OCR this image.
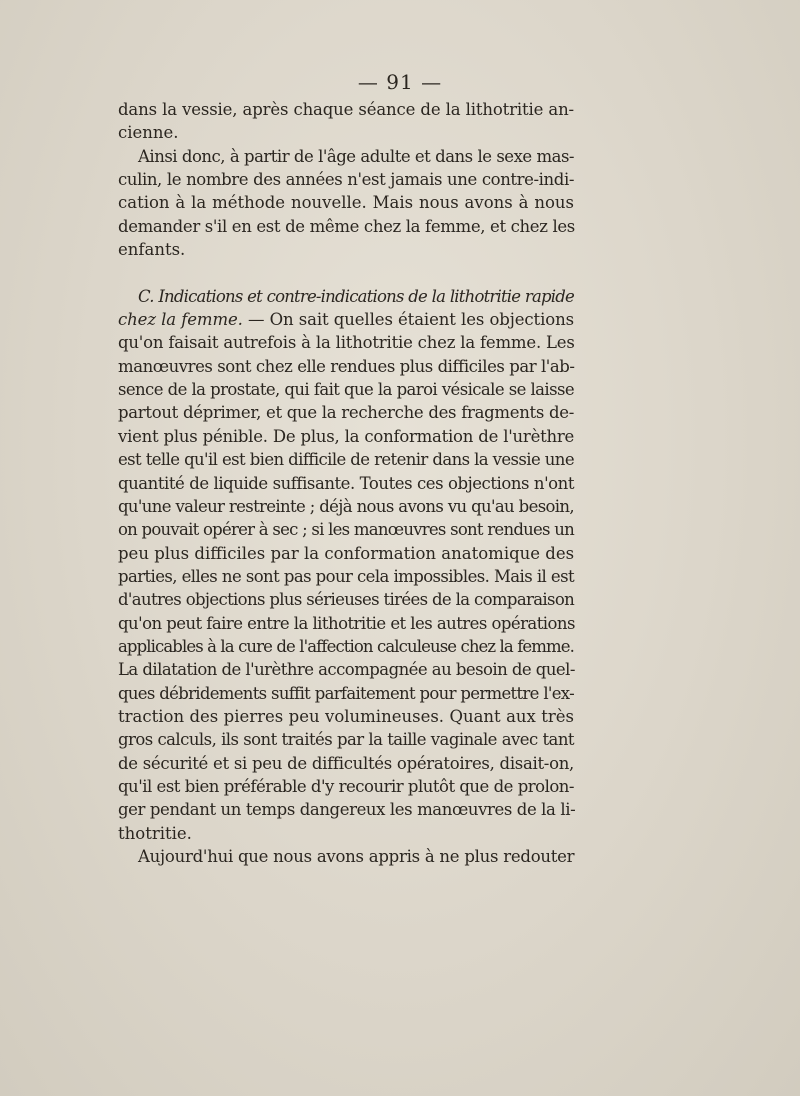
— 91 —
dans la vessie, après chaque séance de la lithotritie an-
cienne.
Ainsi donc, à partir de l'âge adulte et dans le sexe mas-
culin, le nombre des années n'est jamais une contre-indi-
cation à la méthode nouvelle. Mais nous avons à nous
demander s'il en est de même chez la femme, et chez les
enfants.
C. Indications et contre-indications de la lithotritie rapide
chez la femme. — On sait quelles étaient les objections
qu'on faisait autrefois à la lithotritie chez la femme. Les
manœuvres sont chez elle rendues plus difficiles par l'ab-
sence de la prostate, qui fait que la paroi vésicale se laisse
partout déprimer, et que la recherche des fragments de-
vient plus pénible. De plus, la conformation de l'urèthre
est telle qu'il est bien difficile de retenir dans la vessie une
quantité de liquide suffisante. Toutes ces objections n'ont
qu'une valeur restreinte ; déjà nous avons vu qu'au besoin,
on pouvait opérer à sec ; si les manœuvres sont rendues un
peu plus difficiles par la conformation anatomique des
parties, elles ne sont pas pour cela impossibles. Mais il est
d'autres objections plus sérieuses tirées de la comparaison
qu'on peut faire entre la lithotritie et les autres opérations
applicables à la cure de l'affection calculeuse chez la femme.
La dilatation de l'urèthre accompagnée au besoin de quel-
ques débridements suffit parfaitement pour permettre l'ex-
traction des pierres peu volumineuses. Quant aux très
gros calculs, ils sont traités par la taille vaginale avec tant
de sécurité et si peu de difficultés opératoires, disait-on,
qu'il est bien préférable d'y recourir plutôt que de prolon-
ger pendant un temps dangereux les manœuvres de la li-
thotritie.
Aujourd'hui que nous avons appris à ne plus redouter
